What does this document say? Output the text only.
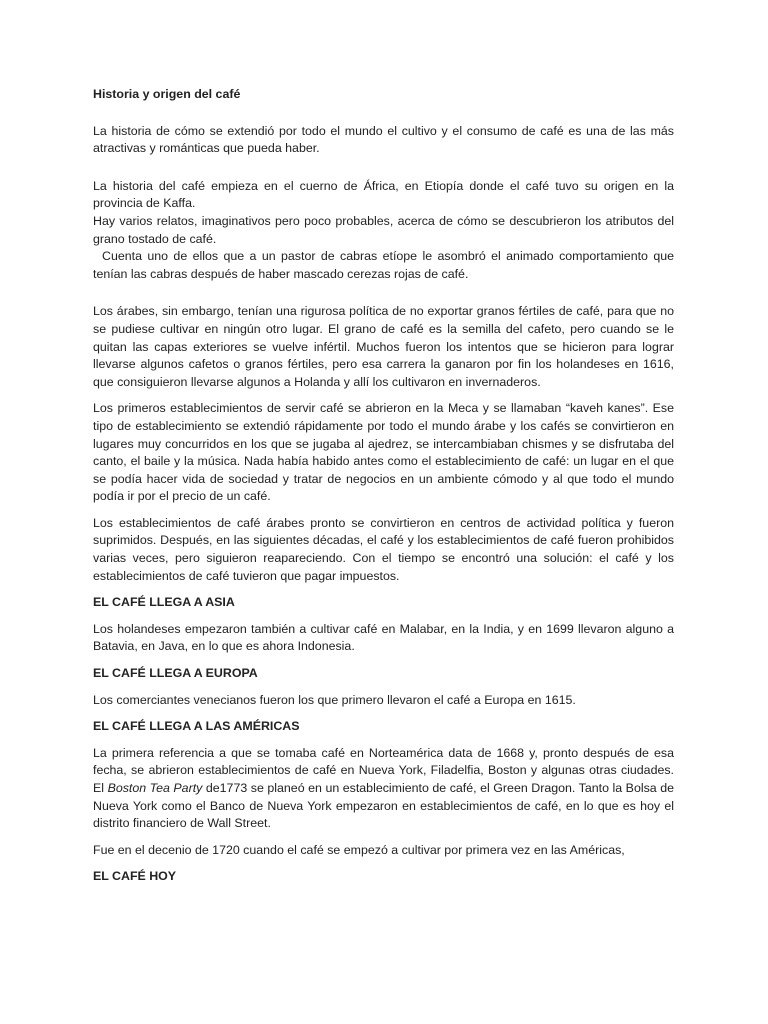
Historia y origen del café

La historia de cómo se extendió por todo el mundo el cultivo y el consumo de café es una de las más atractivas y románticas que pueda haber.

La historia del café empieza en el cuerno de África, en Etiopía donde el café tuvo su origen en la provincia de Kaffa.

Hay varios relatos, imaginativos pero poco probables, acerca de cómo se descubrieron los atributos del grano tostado de café.

Cuenta uno de ellos que a un pastor de cabras etíope le asombró el animado comportamiento que tenían las cabras después de haber mascado cerezas rojas de café.

Los árabes, sin embargo, tenían una rigurosa política de no exportar granos fértiles de café, para que no se pudiese cultivar en ningún otro lugar. El grano de café es la semilla del cafeto, pero cuando se le quitan las capas exteriores se vuelve infértil. Muchos fueron los intentos que se hicieron para lograr llevarse algunos cafetos o granos fértiles, pero esa carrera la ganaron por fin los holandeses en 1616, que consiguieron llevarse algunos a Holanda y allí los cultivaron en invernaderos.

Los primeros establecimientos de servir café se abrieron en la Meca y se llamaban “kaveh kanes”. Ese tipo de establecimiento se extendió rápidamente por todo el mundo árabe y los cafés se convirtieron en lugares muy concurridos en los que se jugaba al ajedrez, se intercambiaban chismes y se disfrutaba del canto, el baile y la música. Nada había habido antes como el establecimiento de café: un lugar en el que se podía hacer vida de sociedad y tratar de negocios en un ambiente cómodo y al que todo el mundo podía ir por el precio de un café.

Los establecimientos de café árabes pronto se convirtieron en centros de actividad política y fueron suprimidos. Después, en las siguientes décadas, el café y los establecimientos de café fueron prohibidos varias veces, pero siguieron reapareciendo. Con el tiempo se encontró una solución: el café y los establecimientos de café tuvieron que pagar impuestos.

EL CAFÉ LLEGA A ASIA

Los holandeses empezaron también a cultivar café en Malabar, en la India, y en 1699 llevaron alguno a Batavia, en Java, en lo que es ahora Indonesia.

EL CAFÉ LLEGA A EUROPA

Los comerciantes venecianos fueron los que primero llevaron el café a Europa en 1615.

EL CAFÉ LLEGA A LAS AMÉRICAS

La primera referencia a que se tomaba café en Norteamérica data de 1668 y, pronto después de esa fecha, se abrieron establecimientos de café en Nueva York, Filadelfia, Boston y algunas otras ciudades. El Boston Tea Party de1773 se planeó en un establecimiento de café, el Green Dragon. Tanto la Bolsa de Nueva York como el Banco de Nueva York empezaron en establecimientos de café, en lo que es hoy el distrito financiero de Wall Street.

Fue en el decenio de 1720 cuando el café se empezó a cultivar por primera vez en las Américas,

EL CAFÉ HOY
